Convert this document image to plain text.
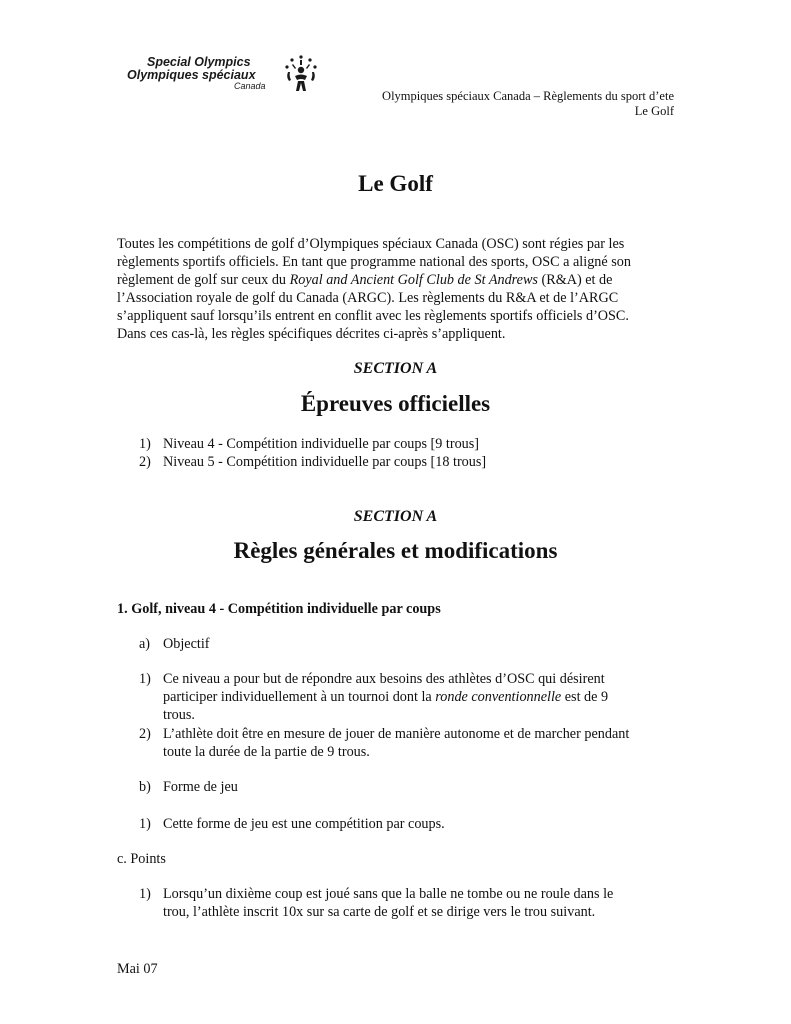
Special Olympics
Olympiques spéciaux
Canada
Olympiques spéciaux Canada – Règlements du sport d’ete
Le Golf
Le Golf

Toutes les compétitions de golf d’Olympiques spéciaux Canada (OSC) sont régies par les

règlements sportifs officiels. En tant que programme national des sports, OSC a aligné son

règlement de golf sur ceux du Royal and Ancient Golf Club de St Andrews (R&A) et de

l’Association royale de golf du Canada (ARGC). Les règlements du R&A et de l’ARGC

s’appliquent sauf lorsqu’ils entrent en conflit avec les règlements sportifs officiels d’OSC.

Dans ces cas-là, les règles spécifiques décrites ci-après s’appliquent.

SECTION A
Épreuves officielles
1) Niveau 4 - Compétition individuelle par coups [9 trous]
2) Niveau 5 - Compétition individuelle par coups [18 trous]
SECTION A
Règles générales et modifications
1. Golf, niveau 4 - Compétition individuelle par coups
a) Objectif
1) Ce niveau a pour but de répondre aux besoins des athlètes d’OSC qui désirent
participer individuellement à un tournoi dont la ronde conventionnelle est de 9
trous.
2) L’athlète doit être en mesure de jouer de manière autonome et de marcher pendant
toute la durée de la partie de 9 trous.
b) Forme de jeu
1) Cette forme de jeu est une compétition par coups.
c. Points
1) Lorsqu’un dixième coup est joué sans que la balle ne tombe ou ne roule dans le
trou, l’athlète inscrit 10x sur sa carte de golf et se dirige vers le trou suivant.
Mai 07
